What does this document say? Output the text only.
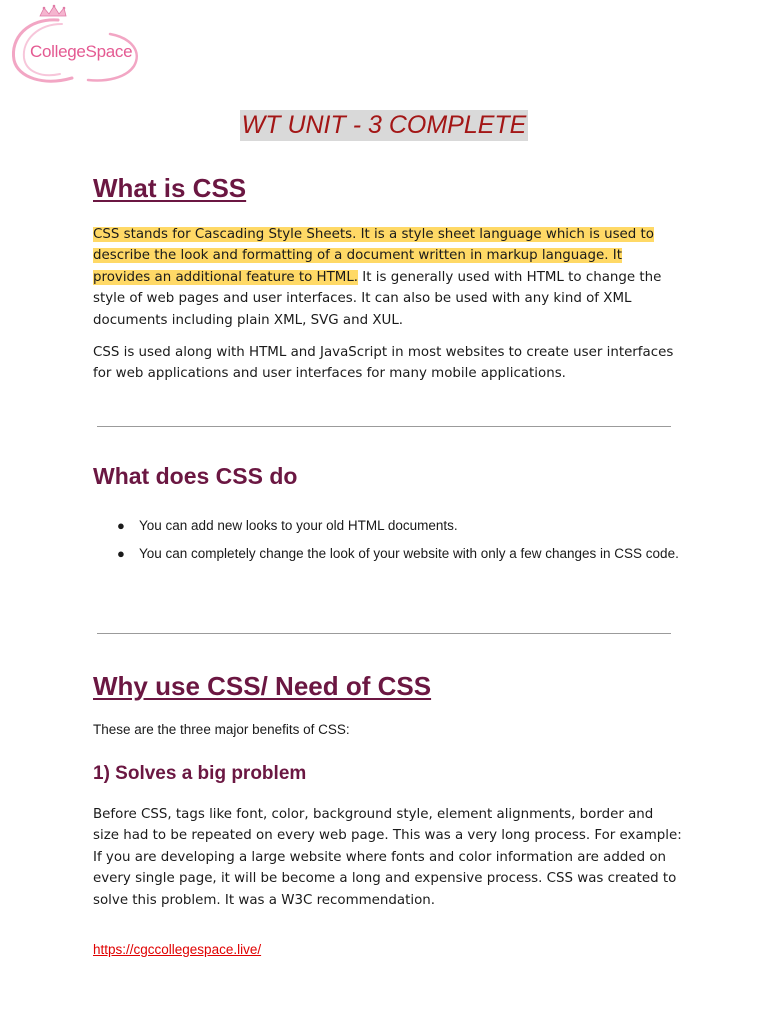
CollegeSpace
WT UNIT - 3 COMPLETE
What is CSS

CSS stands for Cascading Style Sheets. It is a style sheet language which is used to describe the look and formatting of a document written in markup language. It provides an additional feature to HTML. It is generally used with HTML to change the style of web pages and user interfaces. It can also be used with any kind of XML documents including plain XML, SVG and XUL.

CSS is used along with HTML and JavaScript in most websites to create user interfaces for web applications and user interfaces for many mobile applications.

What does CSS do
● You can add new looks to your old HTML documents.
● You can completely change the look of your website with only a few changes in CSS code.
Why use CSS/ Need of CSS

These are the three major benefits of CSS:

1) Solves a big problem

Before CSS, tags like font, color, background style, element alignments, border and size had to be repeated on every web page. This was a very long process. For example: If you are developing a large website where fonts and color information are added on every single page, it will be become a long and expensive process. CSS was created to solve this problem. It was a W3C recommendation.

https://cgccollegespace.live/
